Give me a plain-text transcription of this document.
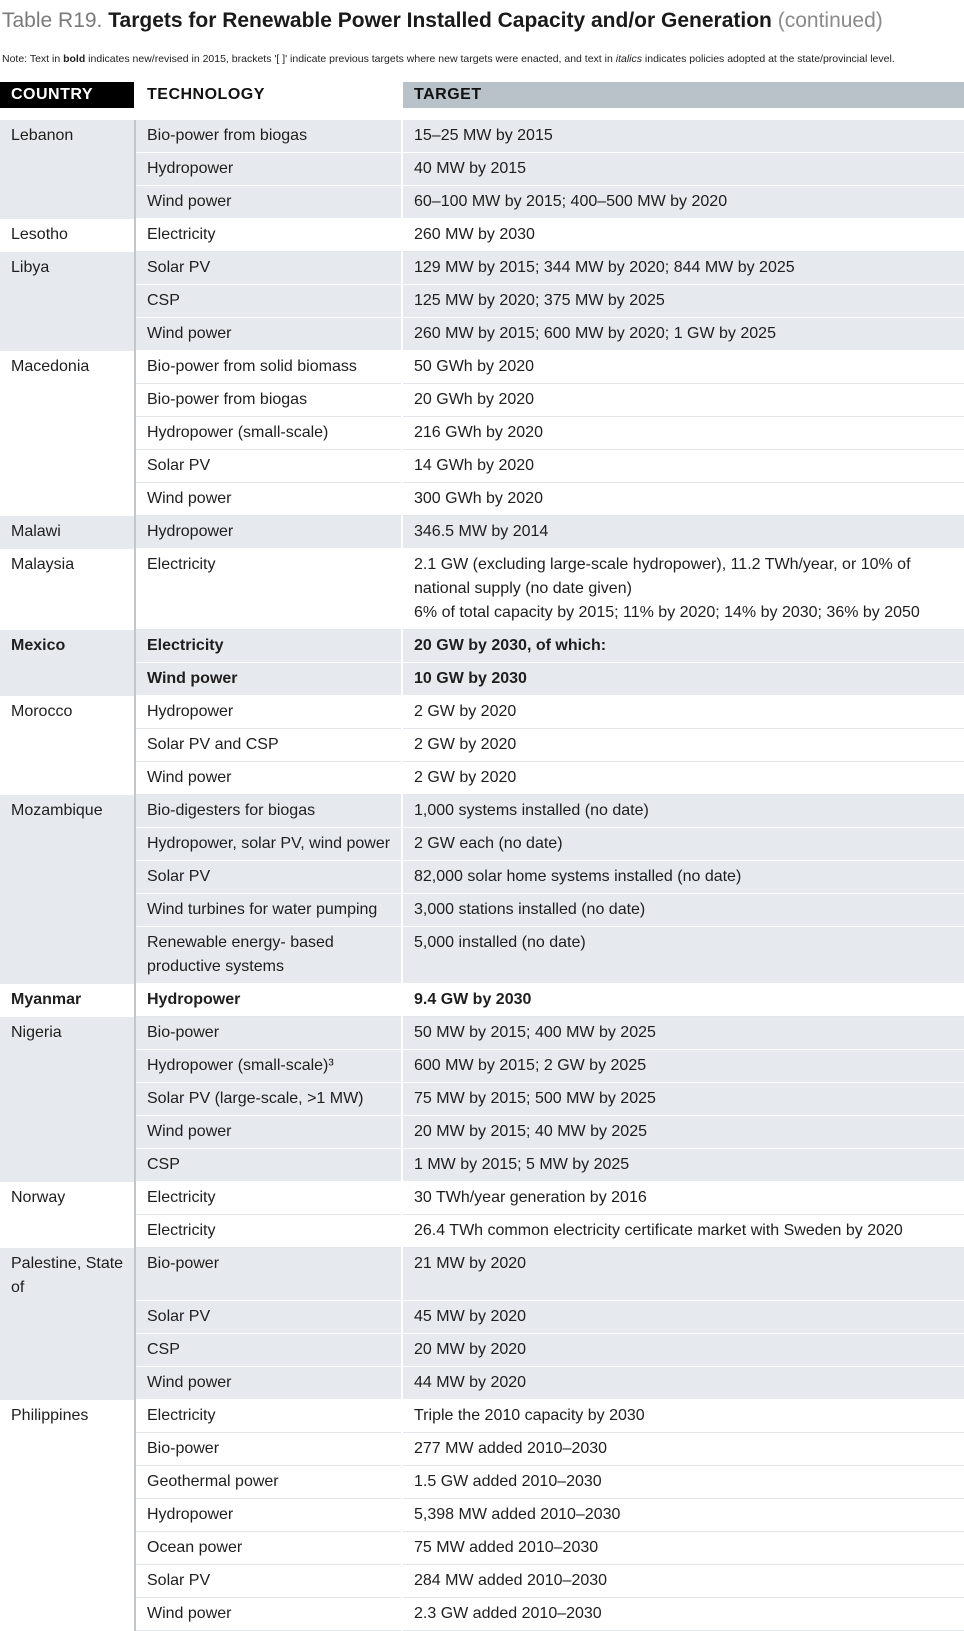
Table R19. Targets for Renewable Power Installed Capacity and/or Generation (continued)
Note: Text in bold indicates new/revised in 2015, brackets '[ ]' indicate previous targets where new targets were enacted, and text in italics indicates policies adopted at the state/provincial level.
COUNTRY	TECHNOLOGY	TARGET

Lebanon	Bio-power from biogas	15–25 MW by 2015

	Hydropower	40 MW by 2015

	Wind power	60–100 MW by 2015; 400–500 MW by 2020

Lesotho	Electricity	260 MW by 2030

Libya	Solar PV	129 MW by 2015; 344 MW by 2020; 844 MW by 2025

	CSP	125 MW by 2020; 375 MW by 2025

	Wind power	260 MW by 2015; 600 MW by 2020; 1 GW by 2025

Macedonia	Bio-power from solid biomass	50 GWh by 2020

	Bio-power from biogas	20 GWh by 2020

	Hydropower (small-scale)	216 GWh by 2020

	Solar PV	14 GWh by 2020

	Wind power	300 GWh by 2020

Malawi	Hydropower	346.5 MW by 2014

Malaysia	Electricity	2.1 GW (excluding large-scale hydropower), 11.2 TWh/year, or 10% of national supply (no date given)
6% of total capacity by 2015; 11% by 2020; 14% by 2030; 36% by 2050

Mexico	Electricity	20 GW by 2030, of which:

	Wind power	10 GW by 2030

Morocco	Hydropower	2 GW by 2020

	Solar PV and CSP	2 GW by 2020

	Wind power	2 GW by 2020

Mozambique	Bio-digesters for biogas	1,000 systems installed (no date)

	Hydropower, solar PV, wind power	2 GW each (no date)

	Solar PV	82,000 solar home systems installed (no date)

	Wind turbines for water pumping	3,000 stations installed (no date)

	Renewable energy- based productive systems	5,000 installed (no date)

Myanmar	Hydropower	9.4 GW by 2030

Nigeria	Bio-power	50 MW by 2015; 400 MW by 2025

	Hydropower (small-scale)³	600 MW by 2015; 2 GW by 2025

	Solar PV (large-scale, >1 MW)	75 MW by 2015; 500 MW by 2025

	Wind power	20 MW by 2015; 40 MW by 2025

	CSP	1 MW by 2015; 5 MW by 2025

Norway	Electricity	30 TWh/year generation by 2016

	Electricity	26.4 TWh common electricity certificate market with Sweden by 2020

Palestine, State of	Bio-power	21 MW by 2020

	Solar PV	45 MW by 2020

	CSP	20 MW by 2020

	Wind power	44 MW by 2020

Philippines	Electricity	Triple the 2010 capacity by 2030

	Bio-power	277 MW added 2010–2030

	Geothermal power	1.5 GW added 2010–2030

	Hydropower	5,398 MW added 2010–2030

	Ocean power	75 MW added 2010–2030

	Solar PV	284 MW added 2010–2030

	Wind power	2.3 GW added 2010–2030
